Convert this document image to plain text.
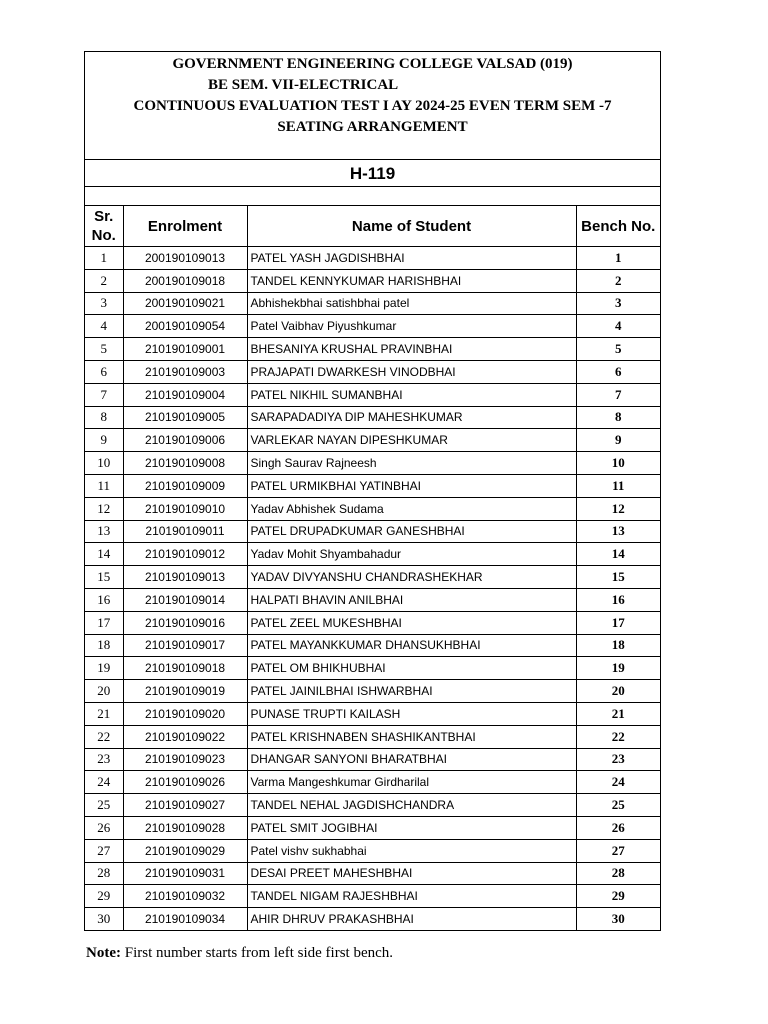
GOVERNMENT ENGINEERING COLLEGE VALSAD (019)
BE SEM. VII-ELECTRICAL
CONTINUOUS EVALUATION TEST I AY 2024-25 EVEN TERM SEM -7
SEATING ARRANGEMENT
H-119
Sr. No.	Enrolment	Name of Student	Bench No.
1	200190109013	PATEL YASH JAGDISHBHAI	1
2	200190109018	TANDEL KENNYKUMAR HARISHBHAI	2
3	200190109021	Abhishekbhai satishbhai patel	3
4	200190109054	Patel Vaibhav Piyushkumar	4
5	210190109001	BHESANIYA KRUSHAL PRAVINBHAI	5
6	210190109003	PRAJAPATI DWARKESH VINODBHAI	6
7	210190109004	PATEL NIKHIL SUMANBHAI	7
8	210190109005	SARAPADADIYA DIP MAHESHKUMAR	8
9	210190109006	VARLEKAR NAYAN DIPESHKUMAR	9
10	210190109008	Singh Saurav Rajneesh	10
11	210190109009	PATEL URMIKBHAI YATINBHAI	11
12	210190109010	Yadav Abhishek Sudama	12
13	210190109011	PATEL DRUPADKUMAR GANESHBHAI	13
14	210190109012	Yadav Mohit Shyambahadur	14
15	210190109013	YADAV DIVYANSHU CHANDRASHEKHAR	15
16	210190109014	HALPATI BHAVIN ANILBHAI	16
17	210190109016	PATEL ZEEL MUKESHBHAI	17
18	210190109017	PATEL MAYANKKUMAR DHANSUKHBHAI	18
19	210190109018	PATEL OM BHIKHUBHAI	19
20	210190109019	PATEL JAINILBHAI ISHWARBHAI	20
21	210190109020	PUNASE TRUPTI KAILASH	21
22	210190109022	PATEL KRISHNABEN SHASHIKANTBHAI	22
23	210190109023	DHANGAR SANYONI BHARATBHAI	23
24	210190109026	Varma Mangeshkumar Girdharilal	24
25	210190109027	TANDEL NEHAL JAGDISHCHANDRA	25
26	210190109028	PATEL SMIT JOGIBHAI	26
27	210190109029	Patel vishv sukhabhai	27
28	210190109031	DESAI PREET MAHESHBHAI	28
29	210190109032	TANDEL NIGAM RAJESHBHAI	29
30	210190109034	AHIR DHRUV PRAKASHBHAI	30
Note: First number starts from left side first bench.
